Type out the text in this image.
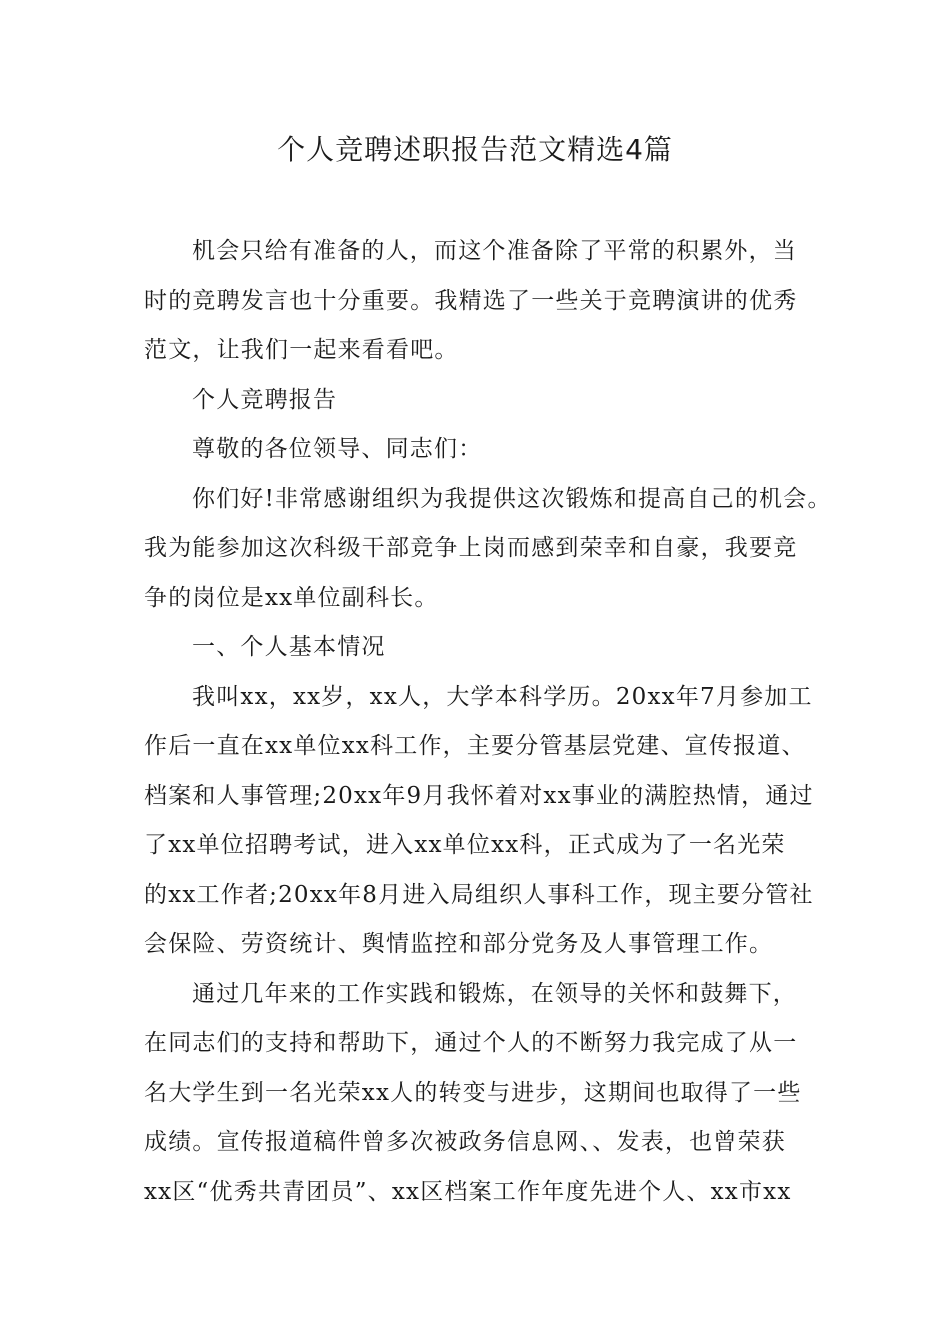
个人竞聘述职报告范文精选4篇
机会只给有准备的人，而这个准备除了平常的积累外，当
时的竞聘发言也十分重要。我精选了一些关于竞聘演讲的优秀
范文，让我们一起来看看吧。
个人竞聘报告
尊敬的各位领导、同志们：
你们好!非常感谢组织为我提供这次锻炼和提高自己的机会。
我为能参加这次科级干部竞争上岗而感到荣幸和自豪，我要竞
争的岗位是xx单位副科长。
一、个人基本情况
我叫xx，xx岁，xx人，大学本科学历。20xx年7月参加工
作后一直在xx单位xx科工作，主要分管基层党建、宣传报道、
档案和人事管理;20xx年9月我怀着对xx事业的满腔热情，通过
了xx单位招聘考试，进入xx单位xx科，正式成为了一名光荣
的xx工作者;20xx年8月进入局组织人事科工作，现主要分管社
会保险、劳资统计、舆情监控和部分党务及人事管理工作。
通过几年来的工作实践和锻炼，在领导的关怀和鼓舞下，
在同志们的支持和帮助下，通过个人的不断努力我完成了从一
名大学生到一名光荣xx人的转变与进步，这期间也取得了一些
成绩。宣传报道稿件曾多次被政务信息网、、发表，也曾荣获
xx区“优秀共青团员”、xx区档案工作年度先进个人、xx市xx
